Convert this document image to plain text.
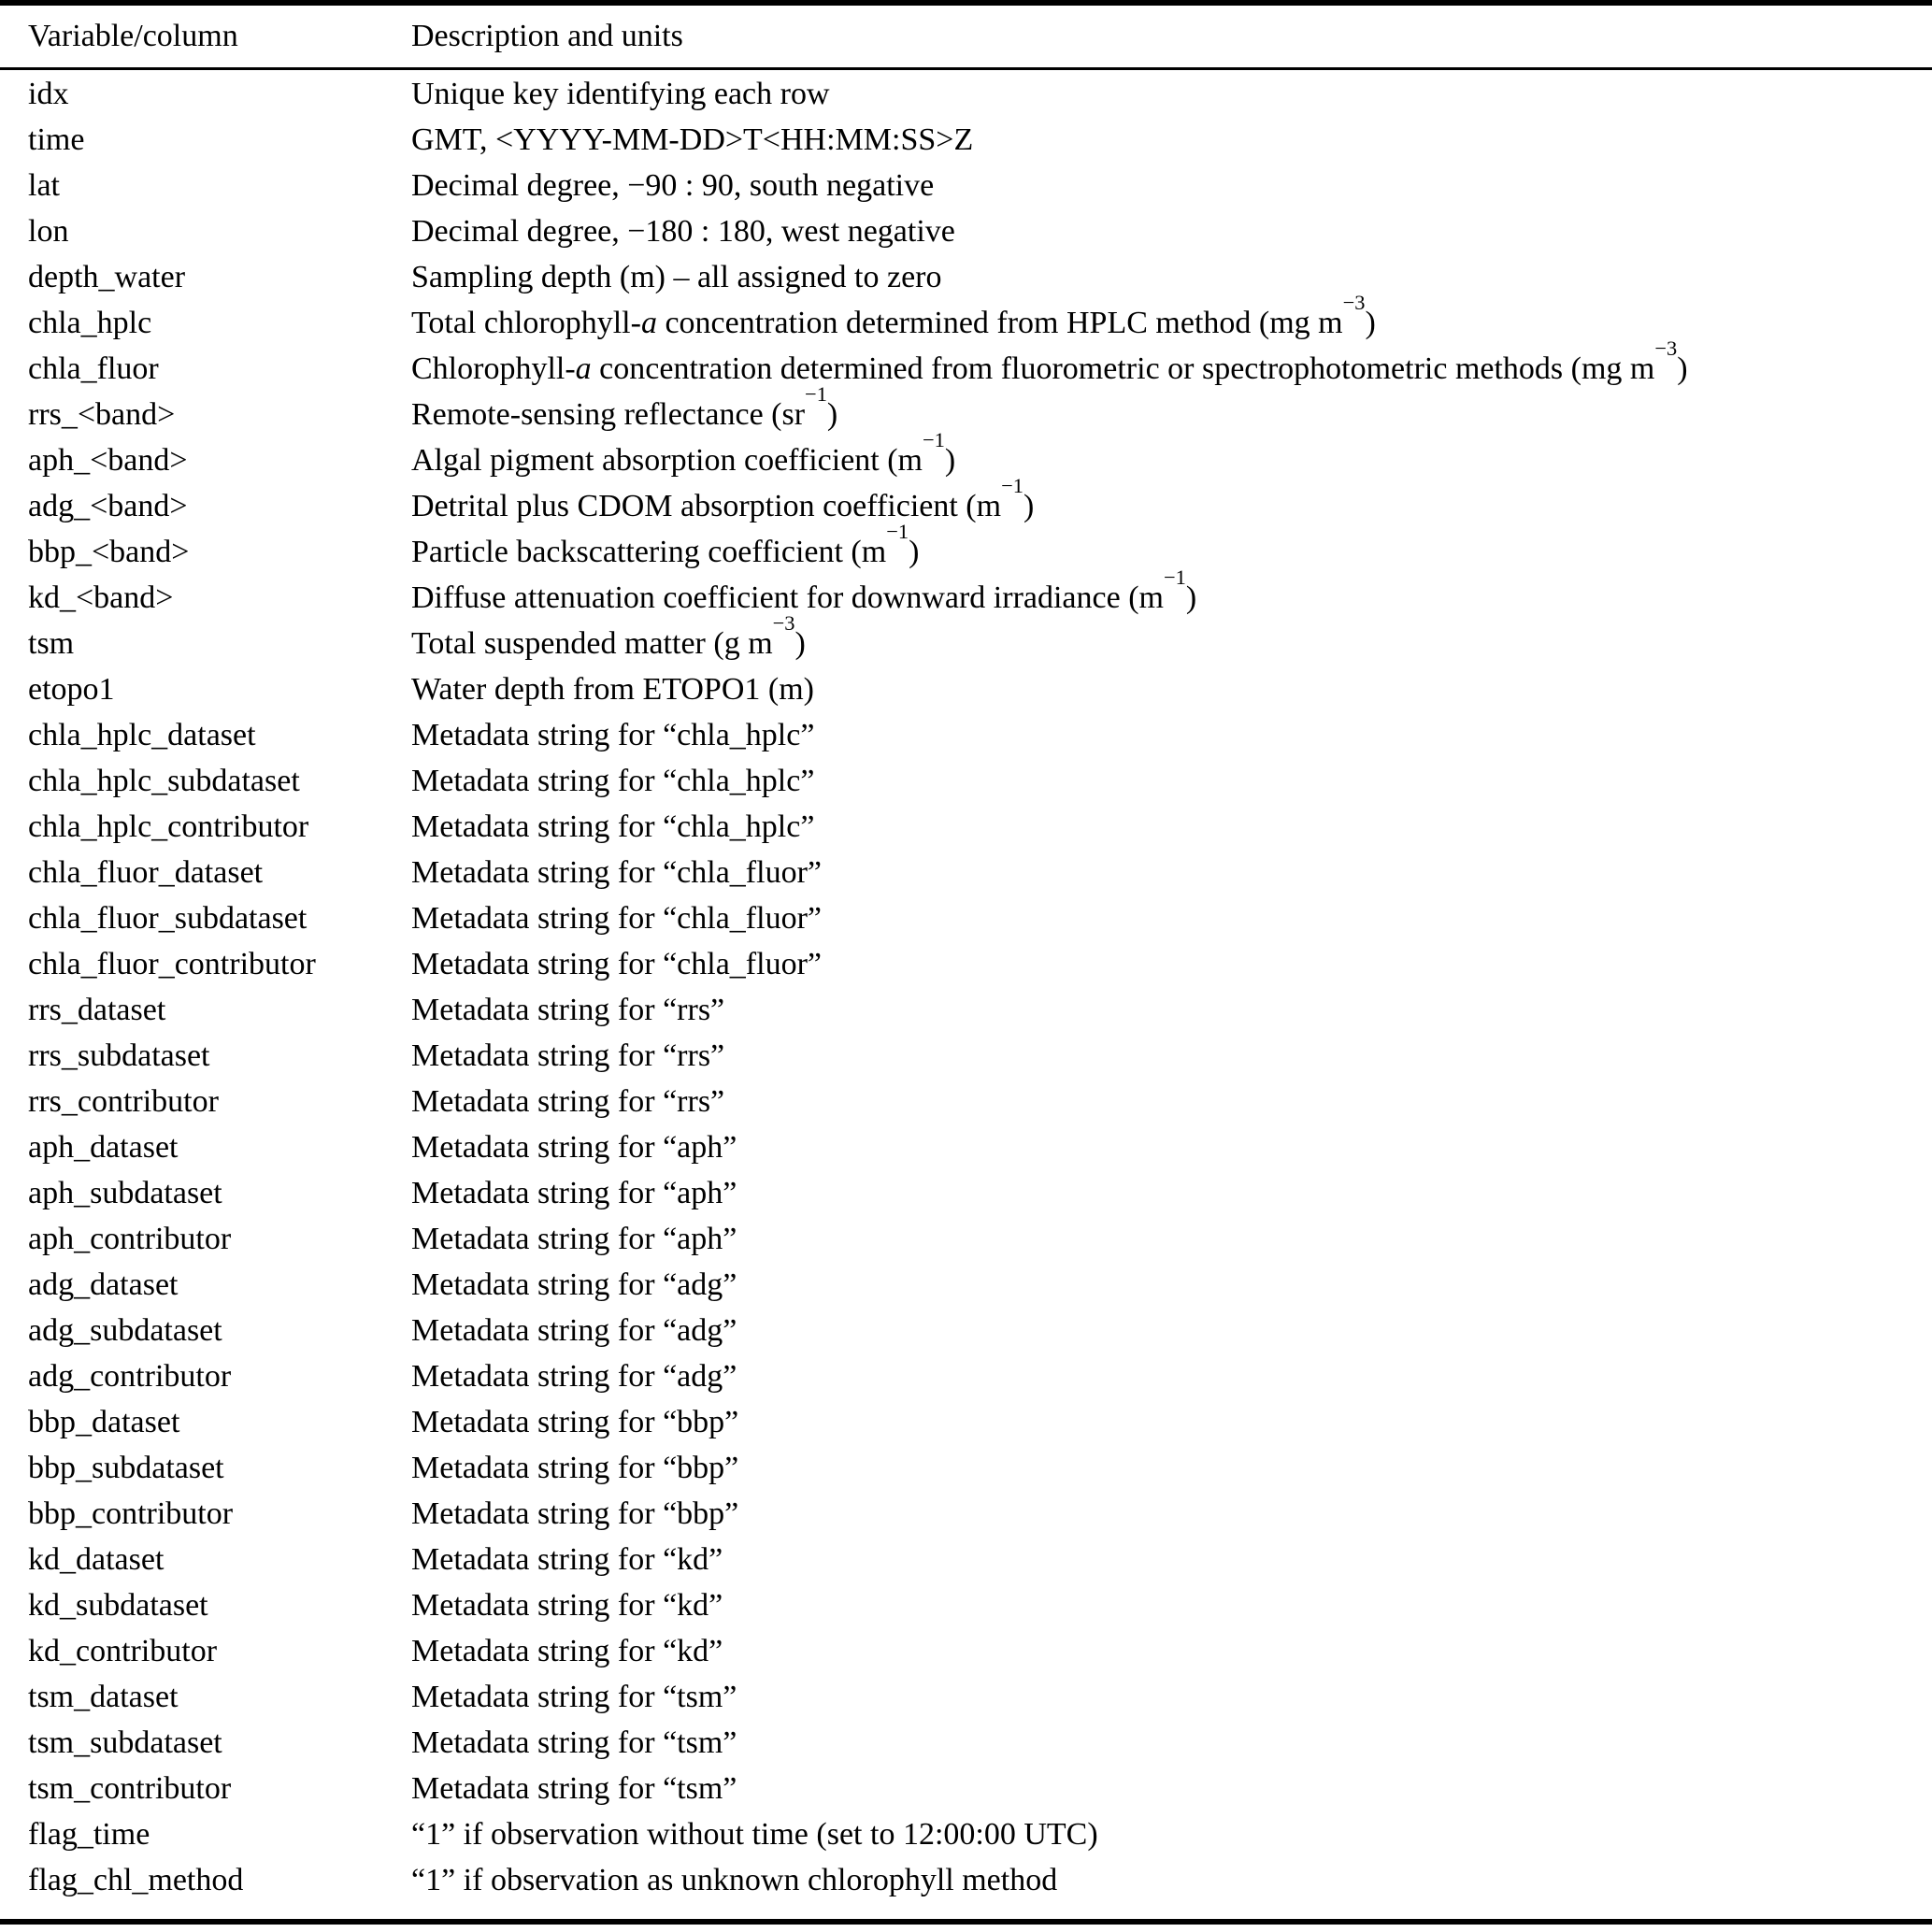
Variable/column	Description and units
idx	Unique key identifying each row
time	GMT, <YYYY-MM-DD>T<HH:MM:SS>Z
lat	Decimal degree, −90 : 90, south negative
lon	Decimal degree, −180 : 180, west negative
depth_water	Sampling depth (m) – all assigned to zero
chla_hplc	Total chlorophyll-a concentration determined from HPLC method (mg $m^{-3}$)
chla_fluor	Chlorophyll-a concentration determined from fluorometric or spectrophotometric methods (mg $m^{-3}$)
rrs_<band>	Remote-sensing reflectance $(sr^{-1})$
aph_<band>	Algal pigment absorption coefficient $(m^{-1})$
adg_<band>	Detrital plus CDOM absorption coefficient $(m^{-1})$
bbp_<band>	Particle backscattering coefficient $(m^{-1})$
kd_<band>	Diffuse attenuation coefficient for downward irradiance $(m^{-1})$
tsm	Total suspended matter (g $m^{-3}$)
etopo1	Water depth from ETOPO1 (m)
chla_hplc_dataset	Metadata string for “chla_hplc”
chla_hplc_subdataset	Metadata string for “chla_hplc”
chla_hplc_contributor	Metadata string for “chla_hplc”
chla_fluor_dataset	Metadata string for “chla_fluor”
chla_fluor_subdataset	Metadata string for “chla_fluor”
chla_fluor_contributor	Metadata string for “chla_fluor”
rrs_dataset	Metadata string for “rrs”
rrs_subdataset	Metadata string for “rrs”
rrs_contributor	Metadata string for “rrs”
aph_dataset	Metadata string for “aph”
aph_subdataset	Metadata string for “aph”
aph_contributor	Metadata string for “aph”
adg_dataset	Metadata string for “adg”
adg_subdataset	Metadata string for “adg”
adg_contributor	Metadata string for “adg”
bbp_dataset	Metadata string for “bbp”
bbp_subdataset	Metadata string for “bbp”
bbp_contributor	Metadata string for “bbp”
kd_dataset	Metadata string for “kd”
kd_subdataset	Metadata string for “kd”
kd_contributor	Metadata string for “kd”
tsm_dataset	Metadata string for “tsm”
tsm_subdataset	Metadata string for “tsm”
tsm_contributor	Metadata string for “tsm”
flag_time	“1” if observation without time (set to 12:00:00 UTC)
flag_chl_method	“1” if observation as unknown chlorophyll method
